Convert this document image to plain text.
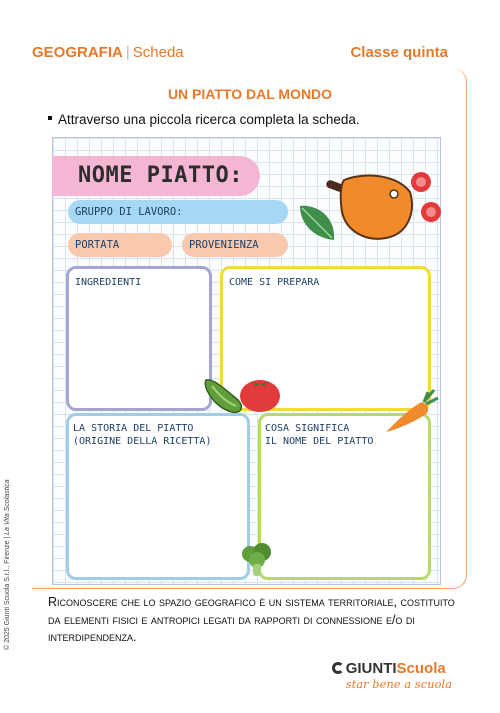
GEOGRAFIA | Scheda	Classe quinta
UN PIATTO DAL MONDO
Attraverso una piccola ricerca completa la scheda.
NOME PIATTO:
GRUPPO DI LAVORO:
PORTATA	PROVENIENZA
INGREDIENTI	COME SI PREPARA
LA STORIA DEL PIATTO
(ORIGINE DELLA RICETTA)
COSA SIGNIFICA
IL NOME DEL PIATTO
Riconoscere che lo spazio geografico è un sistema territoriale, costituito da elementi fisici e antropici legati da rapporti di connessione e/o di interdipendenza.
© 2025 Giunti Scuola S.r.l., Firenze | La Vita Scolastica
GIUNTIScuola
star bene a scuola
